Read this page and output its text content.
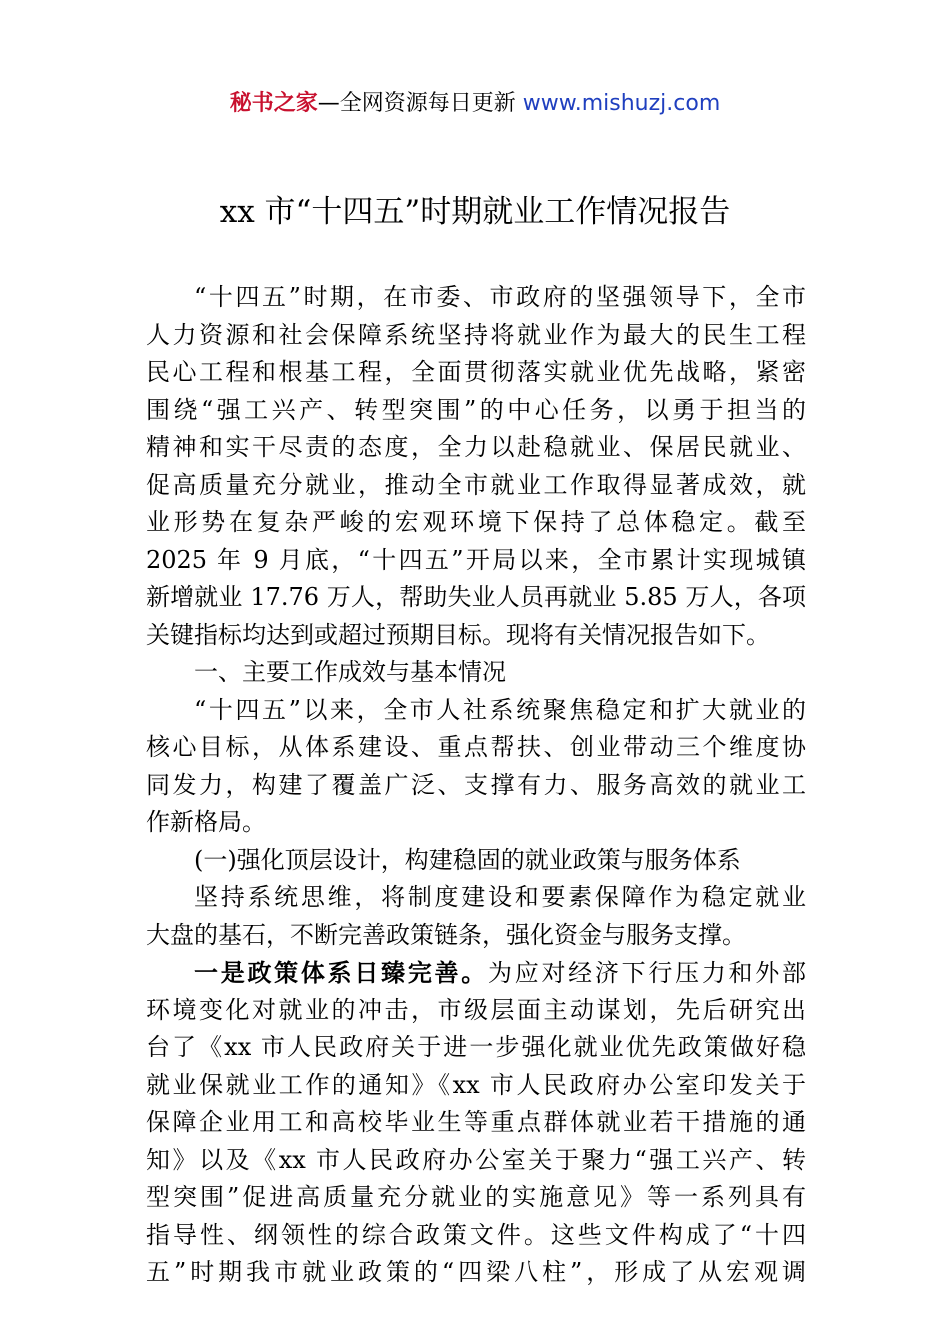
秘书之家—全网资源每日更新 www.mishuzj.com
xx 市“十四五”时期就业工作情况报告
“十四五”时期，在市委、市政府的坚强领导下，全市
人力资源和社会保障系统坚持将就业作为最大的民生工程
民心工程和根基工程，全面贯彻落实就业优先战略，紧密
围绕“强工兴产、转型突围”的中心任务，以勇于担当的
精神和实干尽责的态度，全力以赴稳就业、保居民就业、
促高质量充分就业，推动全市就业工作取得显著成效，就
业形势在复杂严峻的宏观环境下保持了总体稳定。截至
2025 年 9 月底，“十四五”开局以来，全市累计实现城镇
新增就业 17.76 万人，帮助失业人员再就业 5.85 万人，各项
关键指标均达到或超过预期目标。现将有关情况报告如下。
一、主要工作成效与基本情况
“十四五”以来，全市人社系统聚焦稳定和扩大就业的
核心目标，从体系建设、重点帮扶、创业带动三个维度协
同发力，构建了覆盖广泛、支撑有力、服务高效的就业工
作新格局。
(一)强化顶层设计，构建稳固的就业政策与服务体系
坚持系统思维，将制度建设和要素保障作为稳定就业
大盘的基石，不断完善政策链条，强化资金与服务支撑。
一是政策体系日臻完善。为应对经济下行压力和外部
环境变化对就业的冲击，市级层面主动谋划，先后研究出
台了《xx 市人民政府关于进一步强化就业优先政策做好稳
就业保就业工作的通知》《xx 市人民政府办公室印发关于
保障企业用工和高校毕业生等重点群体就业若干措施的通
知》以及《xx 市人民政府办公室关于聚力“强工兴产、转
型突围”促进高质量充分就业的实施意见》等一系列具有
指导性、纲领性的综合政策文件。这些文件构成了“十四
五”时期我市就业政策的“四梁八柱”，形成了从宏观调
